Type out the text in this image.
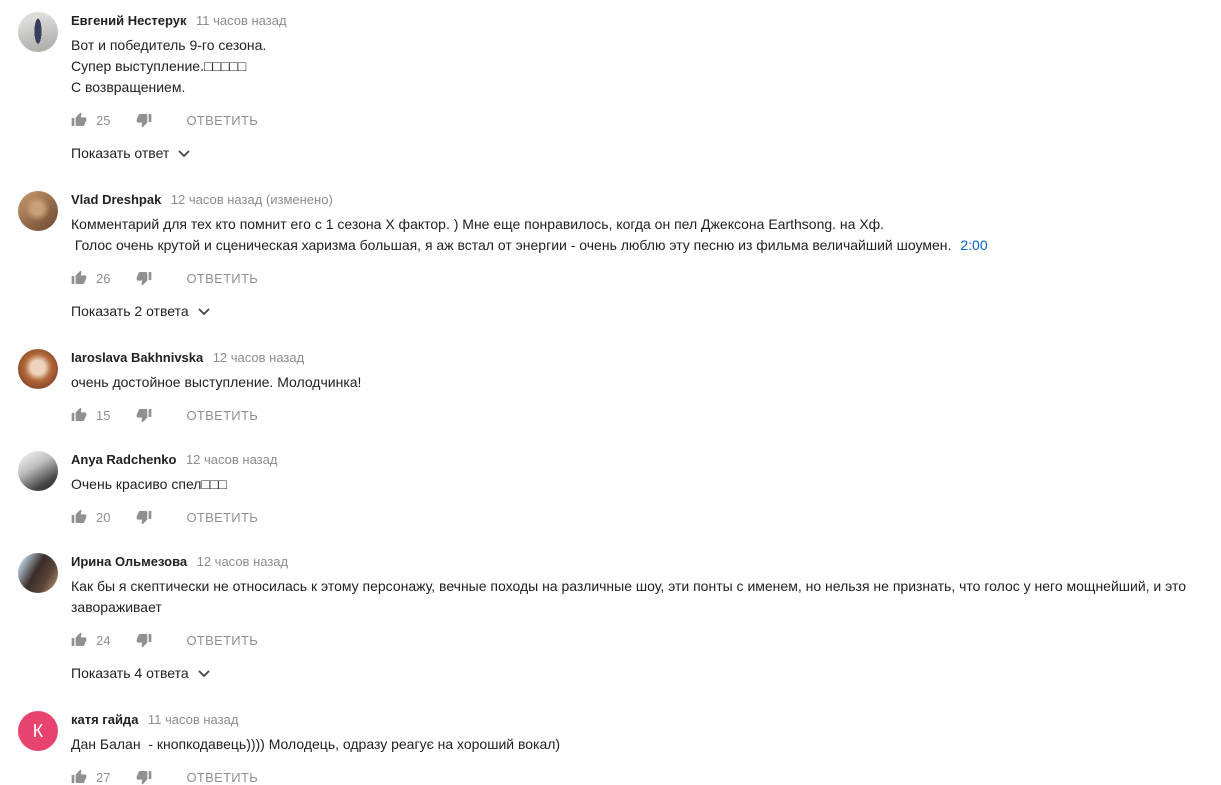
Евгений Нестерук 11 часов назад
Вот и победитель 9-го сезона.
Супер выступление.□□□□□
С возвращением.
25	ОТВЕТИТЬ
Показать ответ
Vlad Dreshpak 12 часов назад (изменено)
Комментарий для тех кто помнит его с 1 сезона Х фактор. ) Мне еще понравилось, когда он пел Джексона Earthsong. на Хф.
Голос очень крутой и сценическая харизма большая, я аж встал от энергии - очень люблю эту песню из фильма величайший шоумен. 2:00
26	ОТВЕТИТЬ
Показать 2 ответа
Iaroslava Bakhnivska 12 часов назад
очень достойное выступление. Молодчинка!
15	ОТВЕТИТЬ
Anya Radchenko 12 часов назад
Очень красиво спел□□□
20	ОТВЕТИТЬ
Ирина Ольмезова 12 часов назад
Как бы я скептически не относилась к этому персонажу, вечные походы на различные шоу, эти понты с именем, но нельзя не признать, что голос у него мощнейший, и это завораживает
24	ОТВЕТИТЬ
Показать 4 ответа
К
катя гайда 11 часов назад
Дан Балан  - кнопкодавець)))) Молодець, одразу реагує на хороший вокал)
27	ОТВЕТИТЬ
